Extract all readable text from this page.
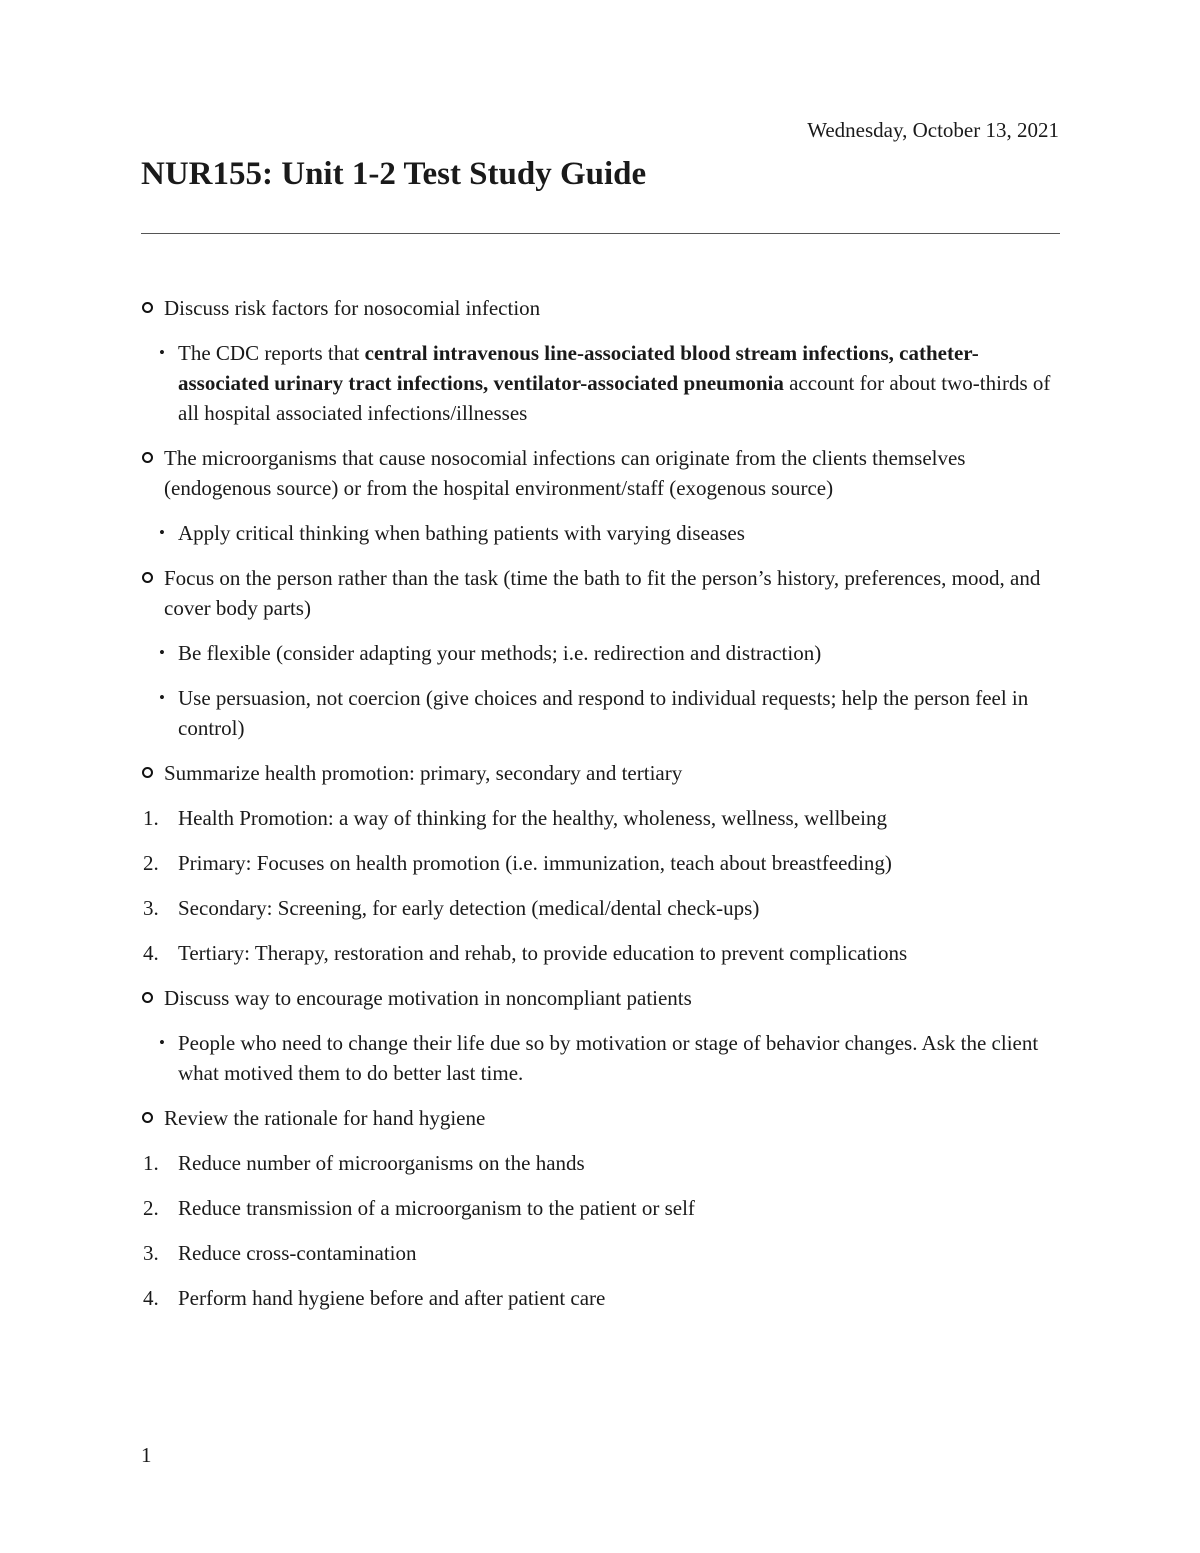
Wednesday, October 13, 2021
NUR155: Unit 1-2 Test Study Guide
Discuss risk factors for nosocomial infection
• The CDC reports that central intravenous line-associated blood stream infections, catheter-associated urinary tract infections, ventilator-associated pneumonia account for about two-thirds of all hospital associated infections/illnesses
The microorganisms that cause nosocomial infections can originate from the clients themselves (endogenous source) or from the hospital environment/staff (exogenous source)
• Apply critical thinking when bathing patients with varying diseases
Focus on the person rather than the task (time the bath to fit the person’s history, preferences, mood, and cover body parts)
• Be flexible (consider adapting your methods; i.e. redirection and distraction)
• Use persuasion, not coercion (give choices and respond to individual requests; help the person feel in control)
Summarize health promotion: primary, secondary and tertiary
1. Health Promotion: a way of thinking for the healthy, wholeness, wellness, wellbeing
2. Primary: Focuses on health promotion (i.e. immunization, teach about breastfeeding)
3. Secondary: Screening, for early detection (medical/dental check-ups)
4. Tertiary: Therapy, restoration and rehab, to provide education to prevent complications
Discuss way to encourage motivation in noncompliant patients
• People who need to change their life due so by motivation or stage of behavior changes. Ask the client what motived them to do better last time.
Review the rationale for hand hygiene
1. Reduce number of microorganisms on the hands
2. Reduce transmission of a microorganism to the patient or self
3. Reduce cross-contamination
4. Perform hand hygiene before and after patient care
1
